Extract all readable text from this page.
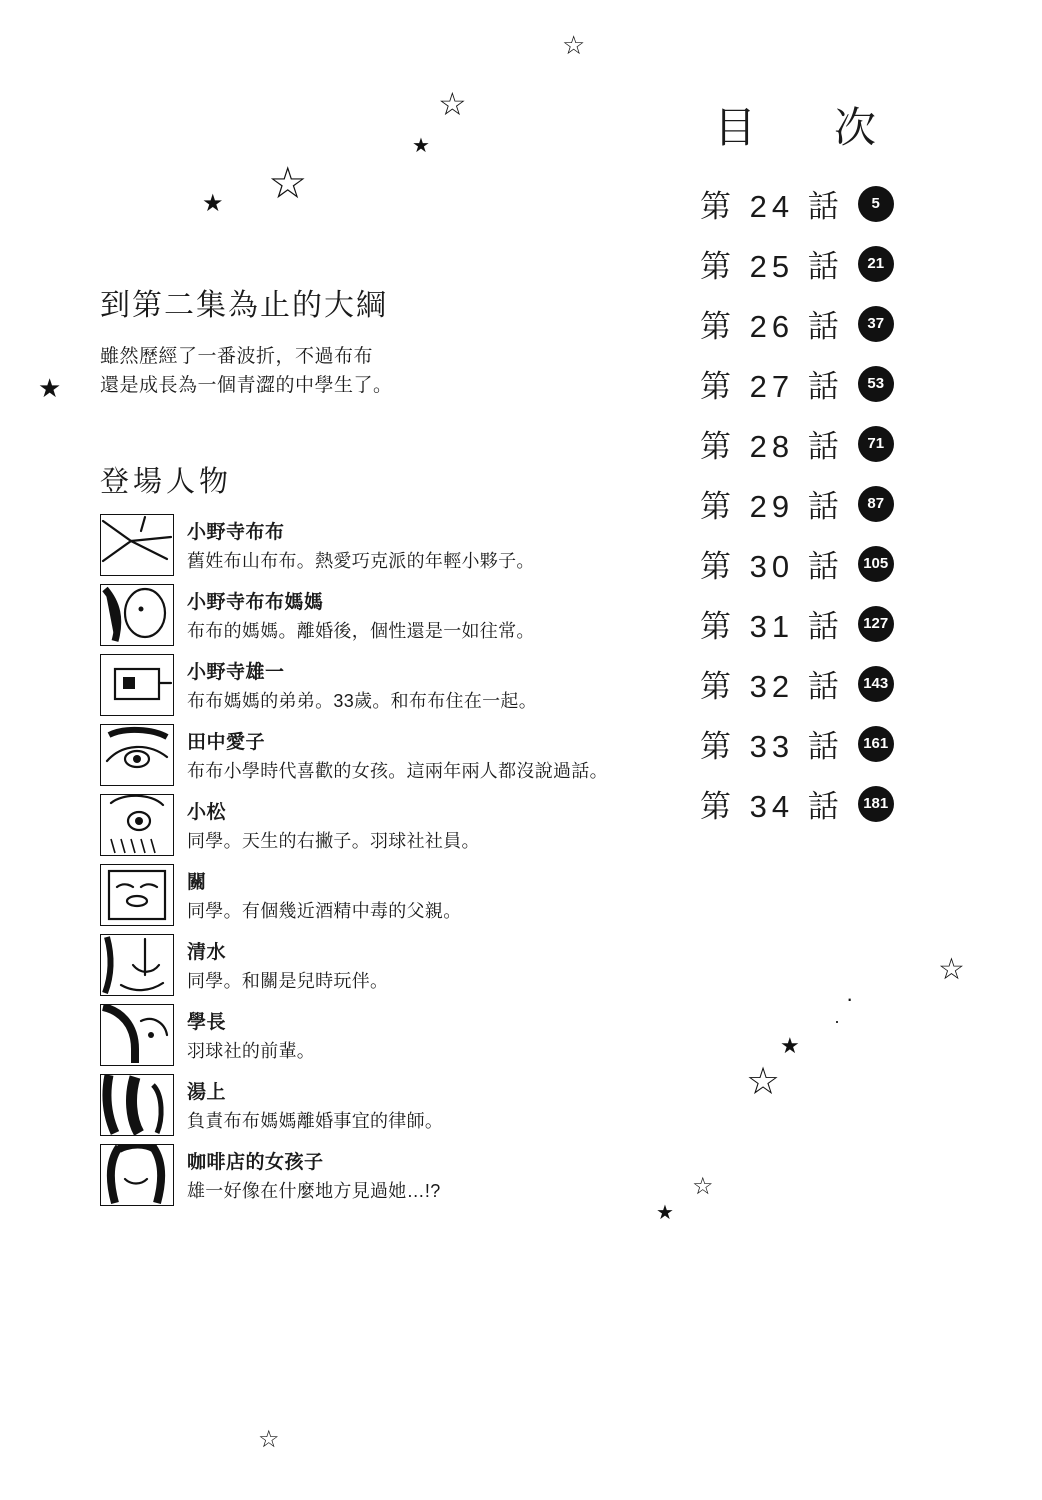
☆
☆
★
☆
★
★
☆
★
☆
☆
★
☆
·
·
到第二集為止的大綱

雖然歷經了一番波折，不過布布
還是成長為一個青澀的中學生了。

登場人物

小野寺布布

舊姓布山布布。熱愛巧克派的年輕小夥子。

小野寺布布媽媽

布布的媽媽。離婚後，個性還是一如往常。

小野寺雄一

布布媽媽的弟弟。33歲。和布布住在一起。

田中愛子

布布小學時代喜歡的女孩。這兩年兩人都沒說過話。

小松

同學。天生的右撇子。羽球社社員。

關

同學。有個幾近酒精中毒的父親。

清水

同學。和關是兒時玩伴。

學長

羽球社的前輩。

湯上

負責布布媽媽離婚事宜的律師。

咖啡店的女孩子

雄一好像在什麼地方見過她…!?

目　次
第 24 話	5
第 25 話	21
第 26 話	37
第 27 話	53
第 28 話	71
第 29 話	87
第 30 話	105
第 31 話	127
第 32 話	143
第 33 話	161
第 34 話	181
